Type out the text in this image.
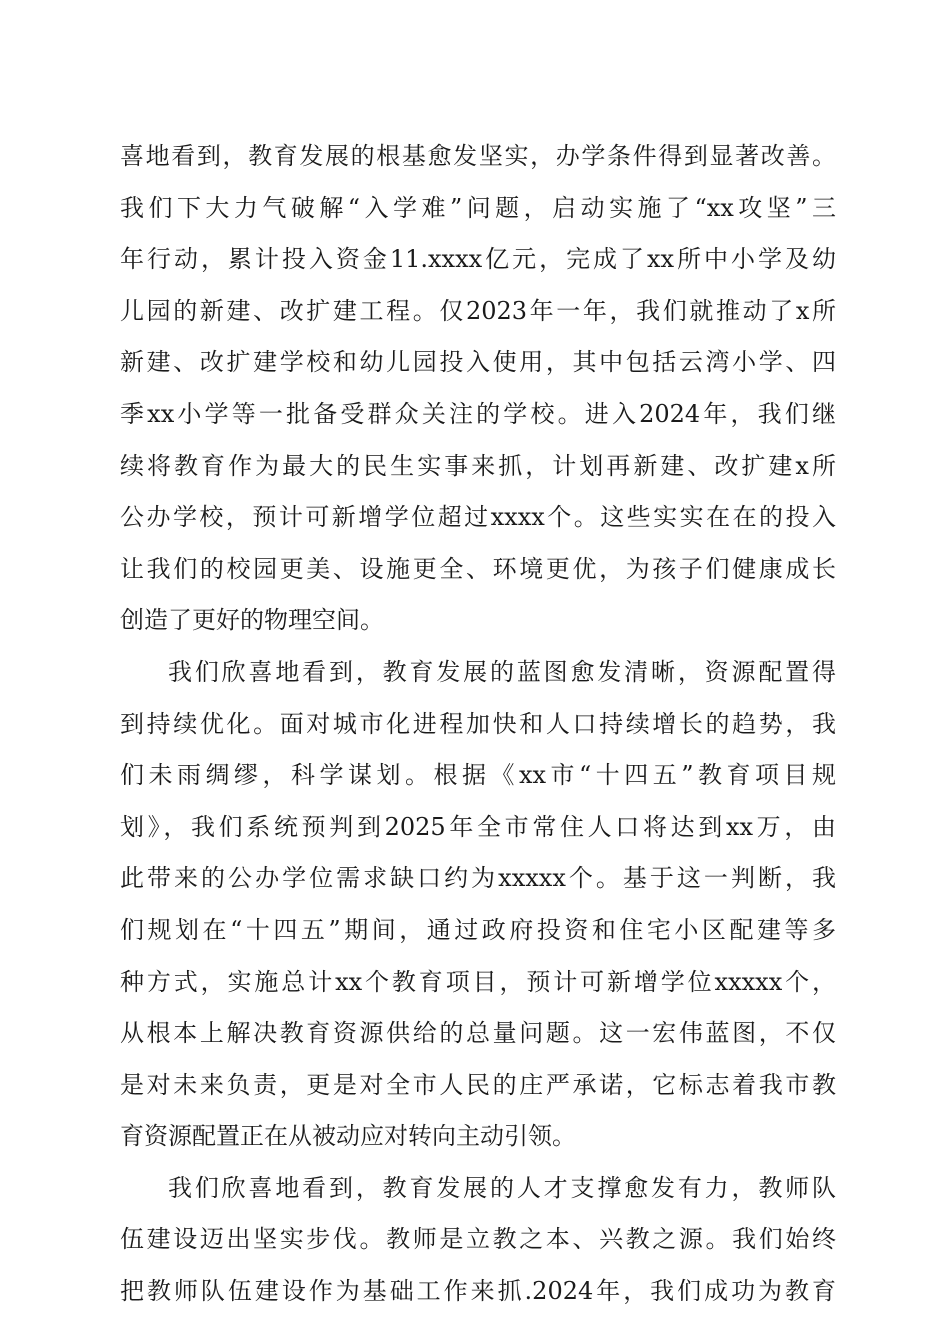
喜地看到，教育发展的根基愈发坚实，办学条件得到显著改善。
我们下大力气破解“入学难”问题，启动实施了“xx攻坚”三
年行动，累计投入资金11.xxxx亿元，完成了xx所中小学及幼
儿园的新建、改扩建工程。仅2023年一年，我们就推动了x所
新建、改扩建学校和幼儿园投入使用，其中包括云湾小学、四
季xx小学等一批备受群众关注的学校。进入2024年，我们继
续将教育作为最大的民生实事来抓，计划再新建、改扩建x所
公办学校，预计可新增学位超过xxxx个。这些实实在在的投入
让我们的校园更美、设施更全、环境更优，为孩子们健康成长
创造了更好的物理空间。
我们欣喜地看到，教育发展的蓝图愈发清晰，资源配置得
到持续优化。面对城市化进程加快和人口持续增长的趋势，我
们未雨绸缪，科学谋划。根据《xx市“十四五”教育项目规
划》，我们系统预判到2025年全市常住人口将达到xx万，由
此带来的公办学位需求缺口约为xxxxx个。基于这一判断，我
们规划在“十四五”期间，通过政府投资和住宅小区配建等多
种方式，实施总计xx个教育项目，预计可新增学位xxxxx个，
从根本上解决教育资源供给的总量问题。这一宏伟蓝图，不仅
是对未来负责，更是对全市人民的庄严承诺，它标志着我市教
育资源配置正在从被动应对转向主动引领。
我们欣喜地看到，教育发展的人才支撑愈发有力，教师队
伍建设迈出坚实步伐。教师是立教之本、兴教之源。我们始终
把教师队伍建设作为基础工作来抓.2024年，我们成功为教育
